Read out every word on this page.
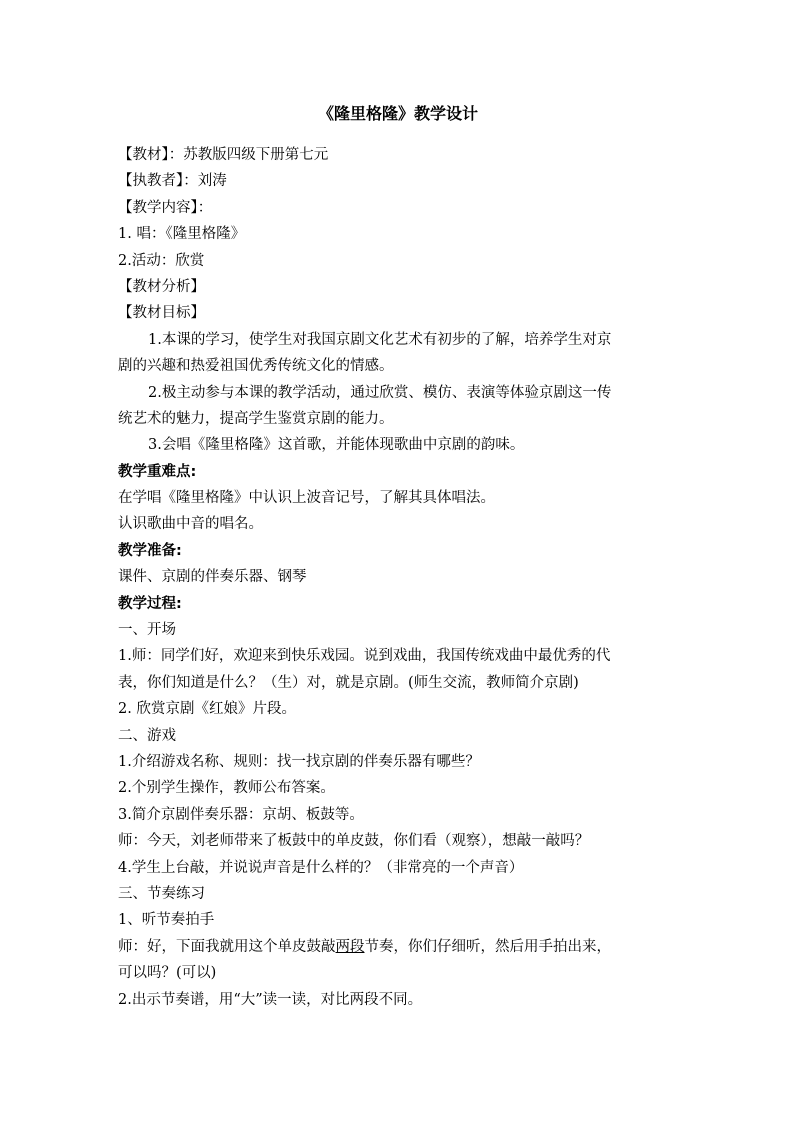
《隆里格隆》教学设计
【教材】：苏教版四级下册第七元
【执教者】：刘涛
【教学内容】：
1. 唱：《隆里格隆》
2.活动：欣赏
【教材分析】
【教材目标】
1.本课的学习，使学生对我国京剧文化艺术有初步的了解，培养学生对京
剧的兴趣和热爱祖国优秀传统文化的情感。
2.极主动参与本课的教学活动，通过欣赏、模仿、表演等体验京剧这一传
统艺术的魅力，提高学生鉴赏京剧的能力。
3.会唱《隆里格隆》这首歌，并能体现歌曲中京剧的韵味。
教学重难点:
在学唱《隆里格隆》中认识上波音记号，了解其具体唱法。
认识歌曲中音的唱名。
教学准备:
课件、京剧的伴奏乐器、钢琴
教学过程:
一、开场
1.师：同学们好，欢迎来到快乐戏园。说到戏曲，我国传统戏曲中最优秀的代
表，你们知道是什么？（生）对，就是京剧。(师生交流，教师简介京剧)
2. 欣赏京剧《红娘》片段。
二、游戏
1.介绍游戏名称、规则：找一找京剧的伴奏乐器有哪些？
2.个别学生操作，教师公布答案。
3.简介京剧伴奏乐器：京胡、板鼓等。
师：今天，刘老师带来了板鼓中的单皮鼓，你们看（观察），想敲一敲吗？
4.学生上台敲，并说说声音是什么样的？（非常亮的一个声音）
三、节奏练习
1、听节奏拍手
师：好，下面我就用这个单皮鼓敲两段节奏，你们仔细听，然后用手拍出来，
可以吗？(可以)
2.出示节奏谱，用“大”读一读，对比两段不同。
